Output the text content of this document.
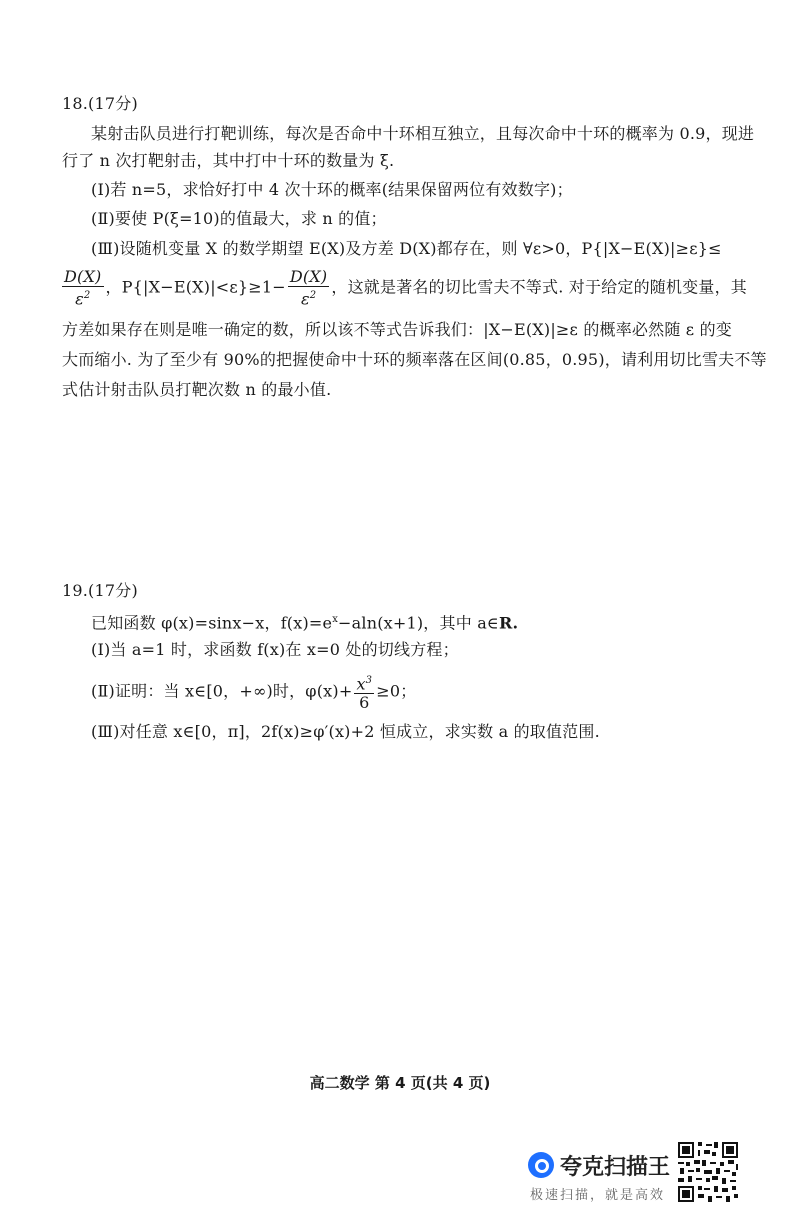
18.(17分)
某射击队员进行打靶训练，每次是否命中十环相互独立，且每次命中十环的概率为 0.9，现进
行了 n 次打靶射击，其中打中十环的数量为 ξ.
(Ⅰ)若 n=5，求恰好打中 4 次十环的概率(结果保留两位有效数字)；
(Ⅱ)要使 P(ξ=10)的值最大，求 n 的值；
(Ⅲ)设随机变量 X 的数学期望 E(X)及方差 D(X)都存在，则 ∀ε>0，P{|X−E(X)|≥ε}≤
$\frac{D(X)}{\varepsilon^2}$ ，$P\{|X-E(X)|<\varepsilon\}\ge 1- \frac{D(X)}{\varepsilon^2}$ ，这就是著名的切比雪夫不等式. 对于给定的随机变量，其
方差如果存在则是唯一确定的数，所以该不等式告诉我们：|X−E(X)|≥ε 的概率必然随 ε 的变
大而缩小. 为了至少有 90%的把握使命中十环的频率落在区间(0.85，0.95)，请利用切比雪夫不等
式估计射击队员打靶次数 n 的最小值.
19.(17分)
已知函数 φ(x)=sinx−x，$f(x)=e^x-aln(x+1)$，其中 a∈R.
(Ⅰ)当 a=1 时，求函数 f(x)在 x=0 处的切线方程；
(Ⅱ)证明：当 x∈[0，+∞)时，$\varphi(x)+ \frac{x^3}{6} \ge 0$；
(Ⅲ)对任意 x∈[0，π]，2f(x)≥φ′(x)+2 恒成立，求实数 a 的取值范围.
高二数学 第 4 页(共 4 页)
夸克扫描王
极速扫描，就是高效
